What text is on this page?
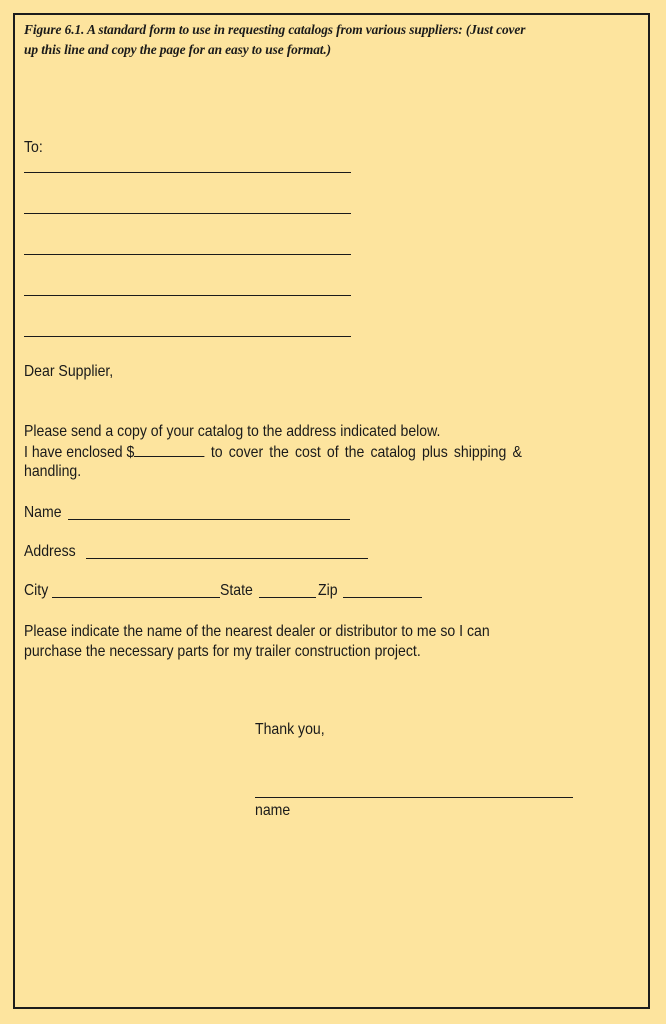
Figure 6.1. A standard form to use in requesting catalogs from various suppliers: (Just cover
up this line and copy the page for an easy to use format.)
To:
Dear Supplier,
Please send a copy of your catalog to the address indicated below.
I have enclosed $	to cover the cost of the catalog plus shipping &
handling.
Name
Address
City	State	Zip
Please indicate the name of the nearest dealer or distributor to me so I can
purchase the necessary parts for my trailer construction project.
Thank you,
name
